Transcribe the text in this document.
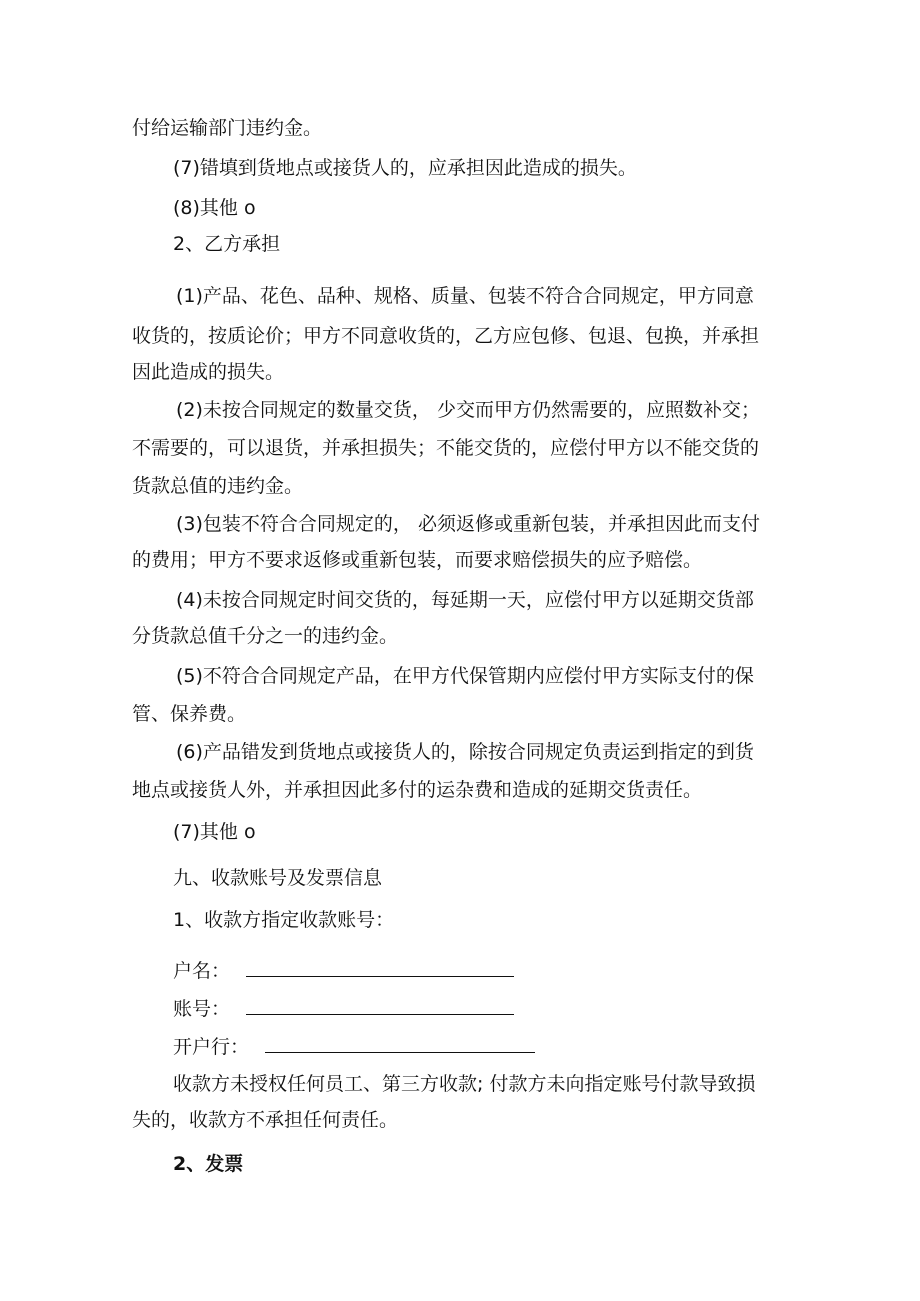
付给运输部门违约金。
(7)错填到货地点或接货人的，应承担因此造成的损失。
(8)其他 o
2、乙方承担
(1)产品、花色、品种、规格、质量、包装不符合合同规定，甲方同意
收货的，按质论价；甲方不同意收货的，乙方应包修、包退、包换，并承担
因此造成的损失。
(2)未按合同规定的数量交货， 少交而甲方仍然需要的，应照数补交；
不需要的，可以退货，并承担损失；不能交货的，应偿付甲方以不能交货的
货款总值的违约金。
(3)包装不符合合同规定的， 必须返修或重新包装，并承担因此而支付
的费用；甲方不要求返修或重新包装，而要求赔偿损失的应予赔偿。
(4)未按合同规定时间交货的，每延期一天，应偿付甲方以延期交货部
分货款总值千分之一的违约金。
(5)不符合合同规定产品，在甲方代保管期内应偿付甲方实际支付的保
管、保养费。
(6)产品错发到货地点或接货人的，除按合同规定负责运到指定的到货
地点或接货人外，并承担因此多付的运杂费和造成的延期交货责任。
(7)其他 o
九、收款账号及发票信息
1、收款方指定收款账号：
户名：
账号：
开户行：
收款方未授权任何员工、第三方收款; 付款方未向指定账号付款导致损
失的，收款方不承担任何责任。
2、发票
